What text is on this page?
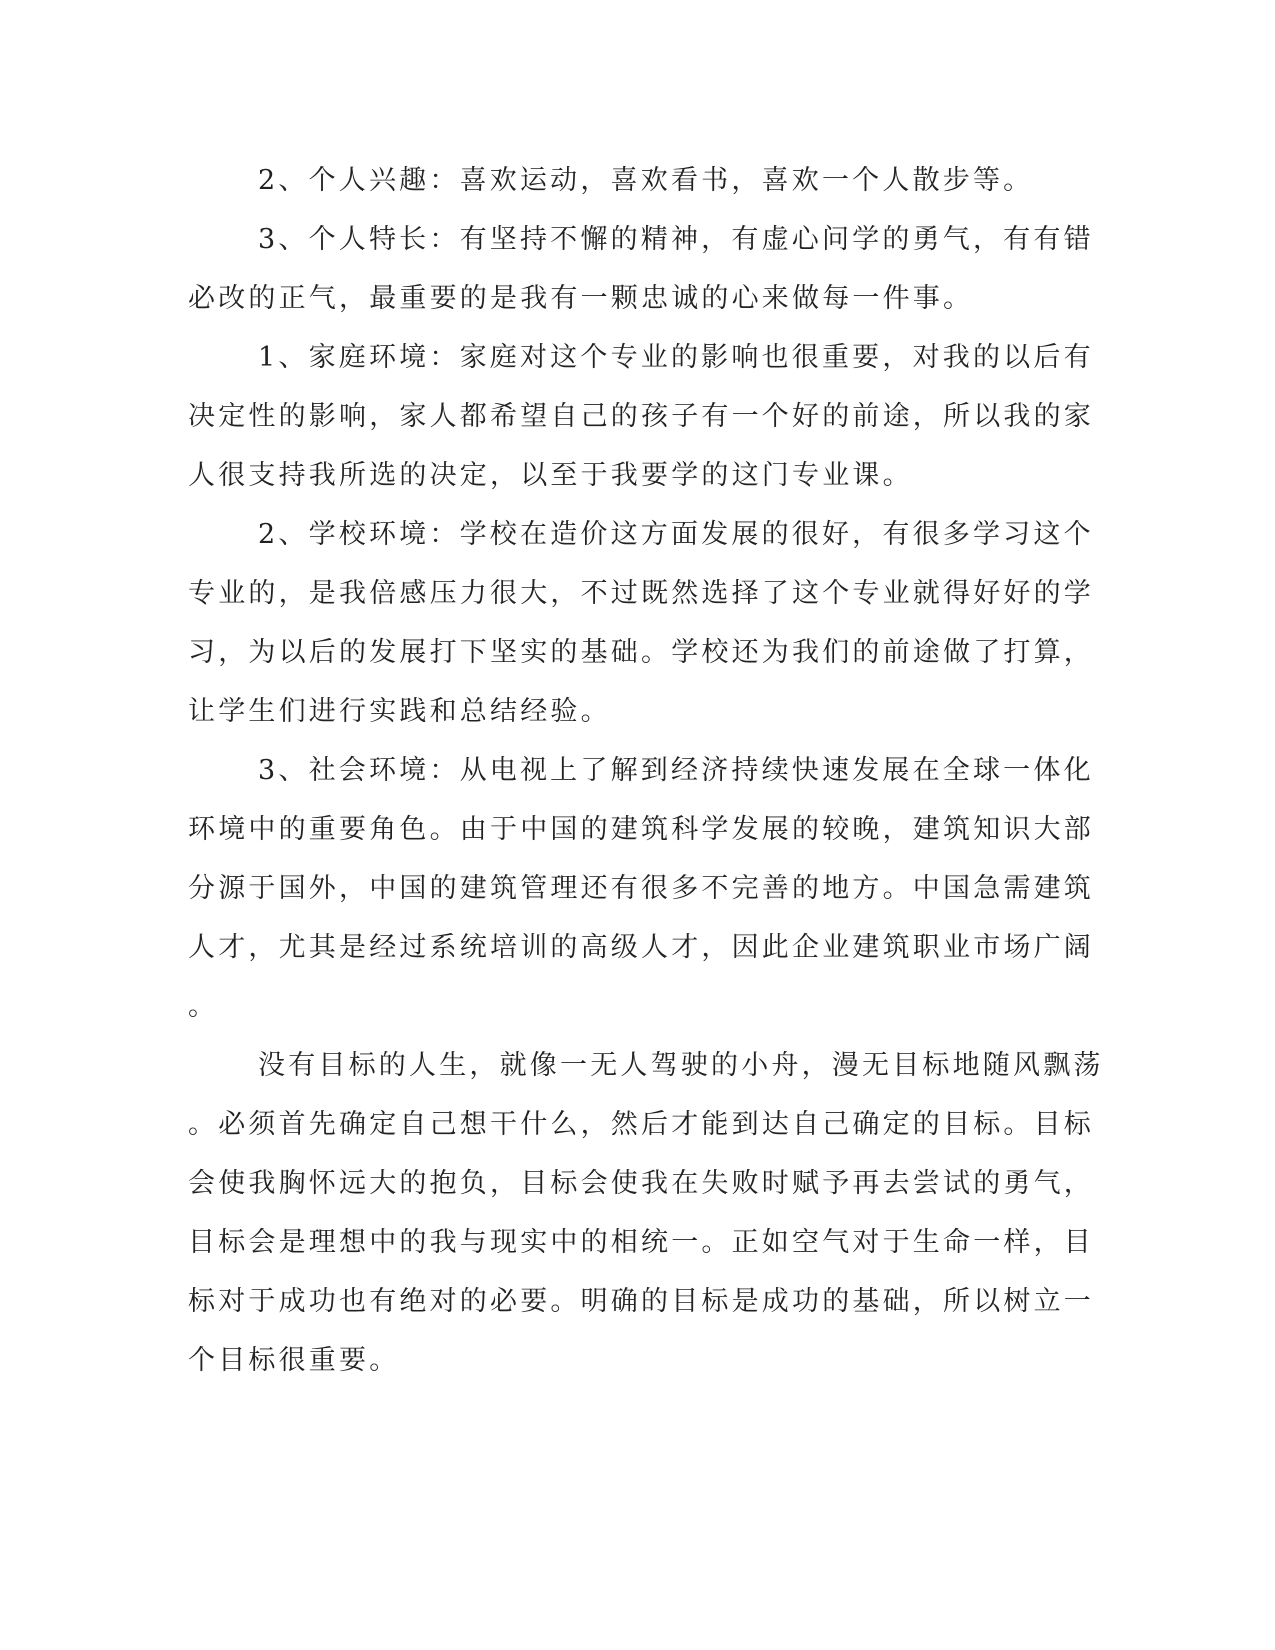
2、个人兴趣：喜欢运动，喜欢看书，喜欢一个人散步等。
3、个人特长：有坚持不懈的精神，有虚心问学的勇气，有有错
必改的正气，最重要的是我有一颗忠诚的心来做每一件事。
1、家庭环境：家庭对这个专业的影响也很重要，对我的以后有
决定性的影响，家人都希望自己的孩子有一个好的前途，所以我的家
人很支持我所选的决定，以至于我要学的这门专业课。
2、学校环境：学校在造价这方面发展的很好，有很多学习这个
专业的，是我倍感压力很大，不过既然选择了这个专业就得好好的学
习，为以后的发展打下坚实的基础。学校还为我们的前途做了打算，
让学生们进行实践和总结经验。
3、社会环境：从电视上了解到经济持续快速发展在全球一体化
环境中的重要角色。由于中国的建筑科学发展的较晚，建筑知识大部
分源于国外，中国的建筑管理还有很多不完善的地方。中国急需建筑
人才，尤其是经过系统培训的高级人才，因此企业建筑职业市场广阔
。
没有目标的人生，就像一无人驾驶的小舟，漫无目标地随风飘荡
。必须首先确定自己想干什么，然后才能到达自己确定的目标。目标
会使我胸怀远大的抱负，目标会使我在失败时赋予再去尝试的勇气，
目标会是理想中的我与现实中的相统一。正如空气对于生命一样，目
标对于成功也有绝对的必要。明确的目标是成功的基础，所以树立一
个目标很重要。
